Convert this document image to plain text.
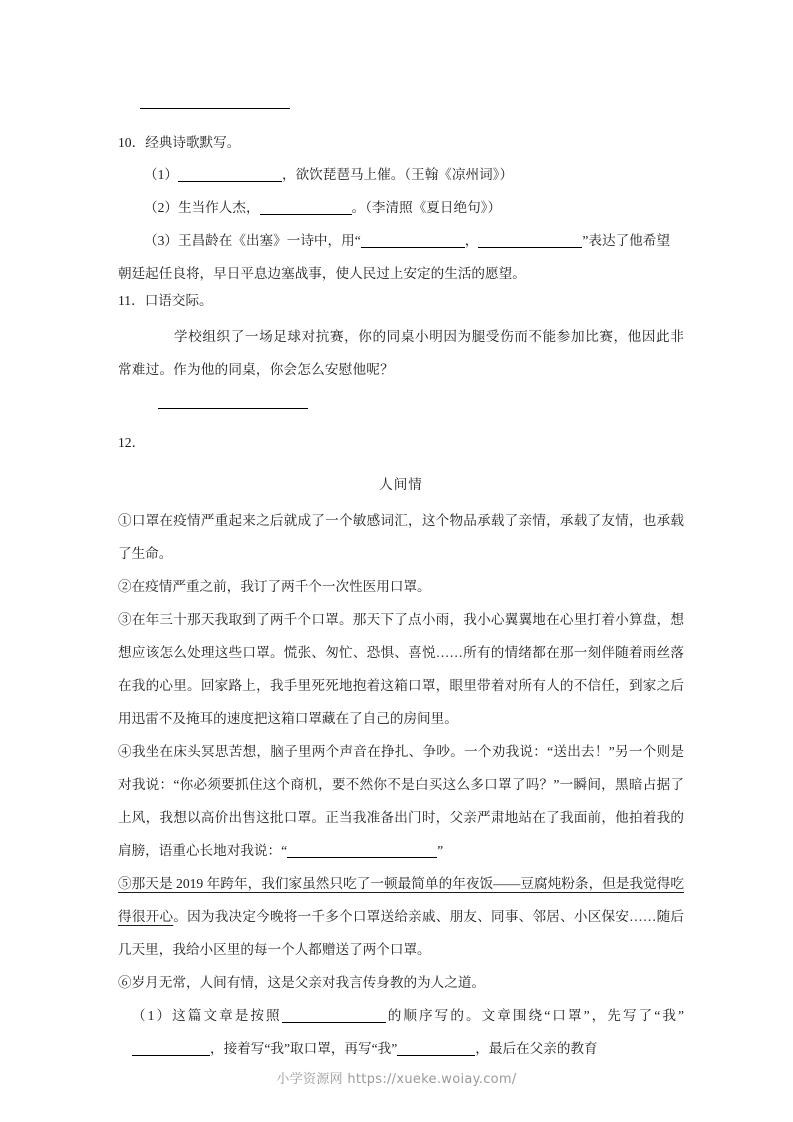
10．经典诗歌默写。
（1）	，欲饮琵琶马上催。（王翰《凉州词》）
（2）生当作人杰，	。（李清照《夏日绝句》）
（3）王昌龄在《出塞》一诗中，用“	，	”表达了他希望
朝廷起任良将，早日平息边塞战事，使人民过上安定的生活的愿望。
11．口语交际。
学校组织了一场足球对抗赛，你的同桌小明因为腿受伤而不能参加比赛，他因此非常难过。作为他的同桌，你会怎么安慰他呢？
12．
人间情
①口罩在疫情严重起来之后就成了一个敏感词汇，这个物品承载了亲情，承载了友情，也承载了生命。
②在疫情严重之前，我订了两千个一次性医用口罩。
③在年三十那天我取到了两千个口罩。那天下了点小雨，我小心翼翼地在心里打着小算盘，想想应该怎么处理这些口罩。慌张、匆忙、恐惧、喜悦……所有的情绪都在那一刻伴随着雨丝落在我的心里。回家路上，我手里死死地抱着这箱口罩，眼里带着对所有人的不信任，到家之后用迅雷不及掩耳的速度把这箱口罩藏在了自己的房间里。
④我坐在床头冥思苦想，脑子里两个声音在挣扎、争吵。一个劝我说：“送出去！”另一个则是对我说：“你必须要抓住这个商机，要不然你不是白买这么多口罩了吗？”一瞬间，黑暗占据了上风，我想以高价出售这批口罩。正当我准备出门时，父亲严肃地站在了我面前，他拍着我的肩膀，语重心长地对我说：“	”
⑤那天是 2019 年跨年，我们家虽然只吃了一顿最简单的年夜饭——豆腐炖粉条，但是我觉得吃得很开心。因为我决定今晚将一千多个口罩送给亲戚、朋友、同事、邻居、小区保安……随后几天里，我给小区里的每一个人都赠送了两个口罩。
⑥岁月无常，人间有情，这是父亲对我言传身教的为人之道。
（1）这篇文章是按照	的顺序写的。文章围绕“口罩”，先写了“我”，接着写“我”取口罩，再写“我”	，最后在父亲的教育
小学资源网 https://xueke.woiay.com/
